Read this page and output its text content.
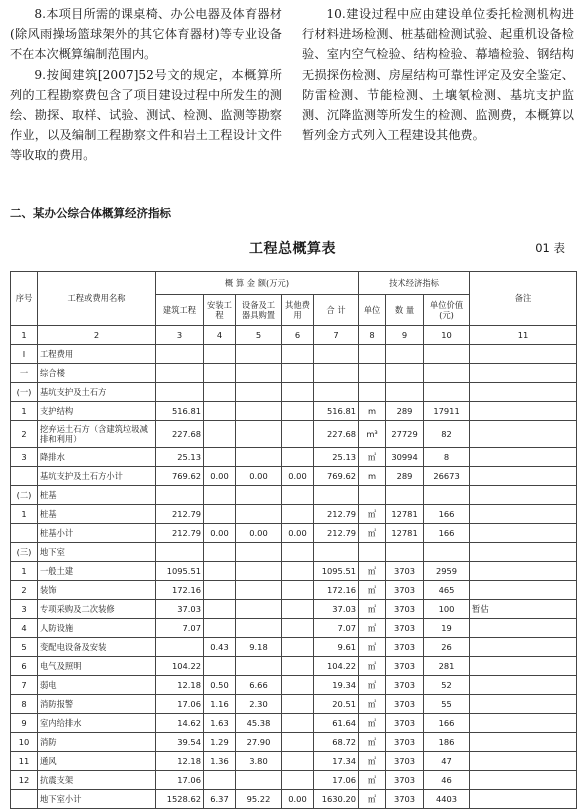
8.本项目所需的课桌椅、办公电器及体育器材(除风雨操场篮球架外的其它体育器材)等专业设备不在本次概算编制范围内。

9.按闽建筑[2007]52号文的规定，本概算所列的工程勘察费包含了项目建设过程中所发生的测绘、勘探、取样、试验、测试、检测、监测等勘察作业，以及编制工程勘察文件和岩土工程设计文件等收取的费用。

10.建设过程中应由建设单位委托检测机构进行材料进场检测、桩基础检测试验、起重机设备检验、室内空气检验、结构检验、幕墙检验、钢结构无损探伤检测、房屋结构可靠性评定及安全鉴定、防雷检测、节能检测、土壤氡检测、基坑支护监测、沉降监测等所发生的检测、监测费，本概算以暂列金方式列入工程建设其他费。

二、某办公综合体概算经济指标
工程总概算表	01 表
序号	工程或费用名称	概 算 金 额(万元)					技术经济指标			备注
		建筑工程	安装工程	设备及工器具购置	其他费用	合 计	单位	数 量	单位价值(元)	
1	2	3	4	5	6	7	8	9	10	11
Ⅰ	工程费用									
一	综合楼									
(一)	基坑支护及土石方									
1	支护结构	516.81				516.81	m	289	17911	
2	挖弃运土石方（含建筑垃圾减排和利用）	227.68				227.68	m³	27729	82	
3	降排水	25.13				25.13	㎡	30994	8	
	基坑支护及土石方小计	769.62	0.00	0.00	0.00	769.62	m	289	26673	
(二)	桩基									
1	桩基	212.79				212.79	㎡	12781	166	
	桩基小计	212.79	0.00	0.00	0.00	212.79	㎡	12781	166	
(三)	地下室									
1	一般土建	1095.51				1095.51	㎡	3703	2959	
2	装饰	172.16				172.16	㎡	3703	465	
3	专项采购及二次装修	37.03				37.03	㎡	3703	100	暂估
4	人防设施	7.07				7.07	㎡	3703	19	
5	变配电设备及安装		0.43	9.18		9.61	㎡	3703	26	
6	电气及照明	104.22				104.22	㎡	3703	281	
7	弱电	12.18	0.50	6.66		19.34	㎡	3703	52	
8	消防报警	17.06	1.16	2.30		20.51	㎡	3703	55	
9	室内给排水	14.62	1.63	45.38		61.64	㎡	3703	166	
10	消防	39.54	1.29	27.90		68.72	㎡	3703	186	
11	通风	12.18	1.36	3.80		17.34	㎡	3703	47	
12	抗震支架	17.06				17.06	㎡	3703	46	
	地下室小计	1528.62	6.37	95.22	0.00	1630.20	㎡	3703	4403	
